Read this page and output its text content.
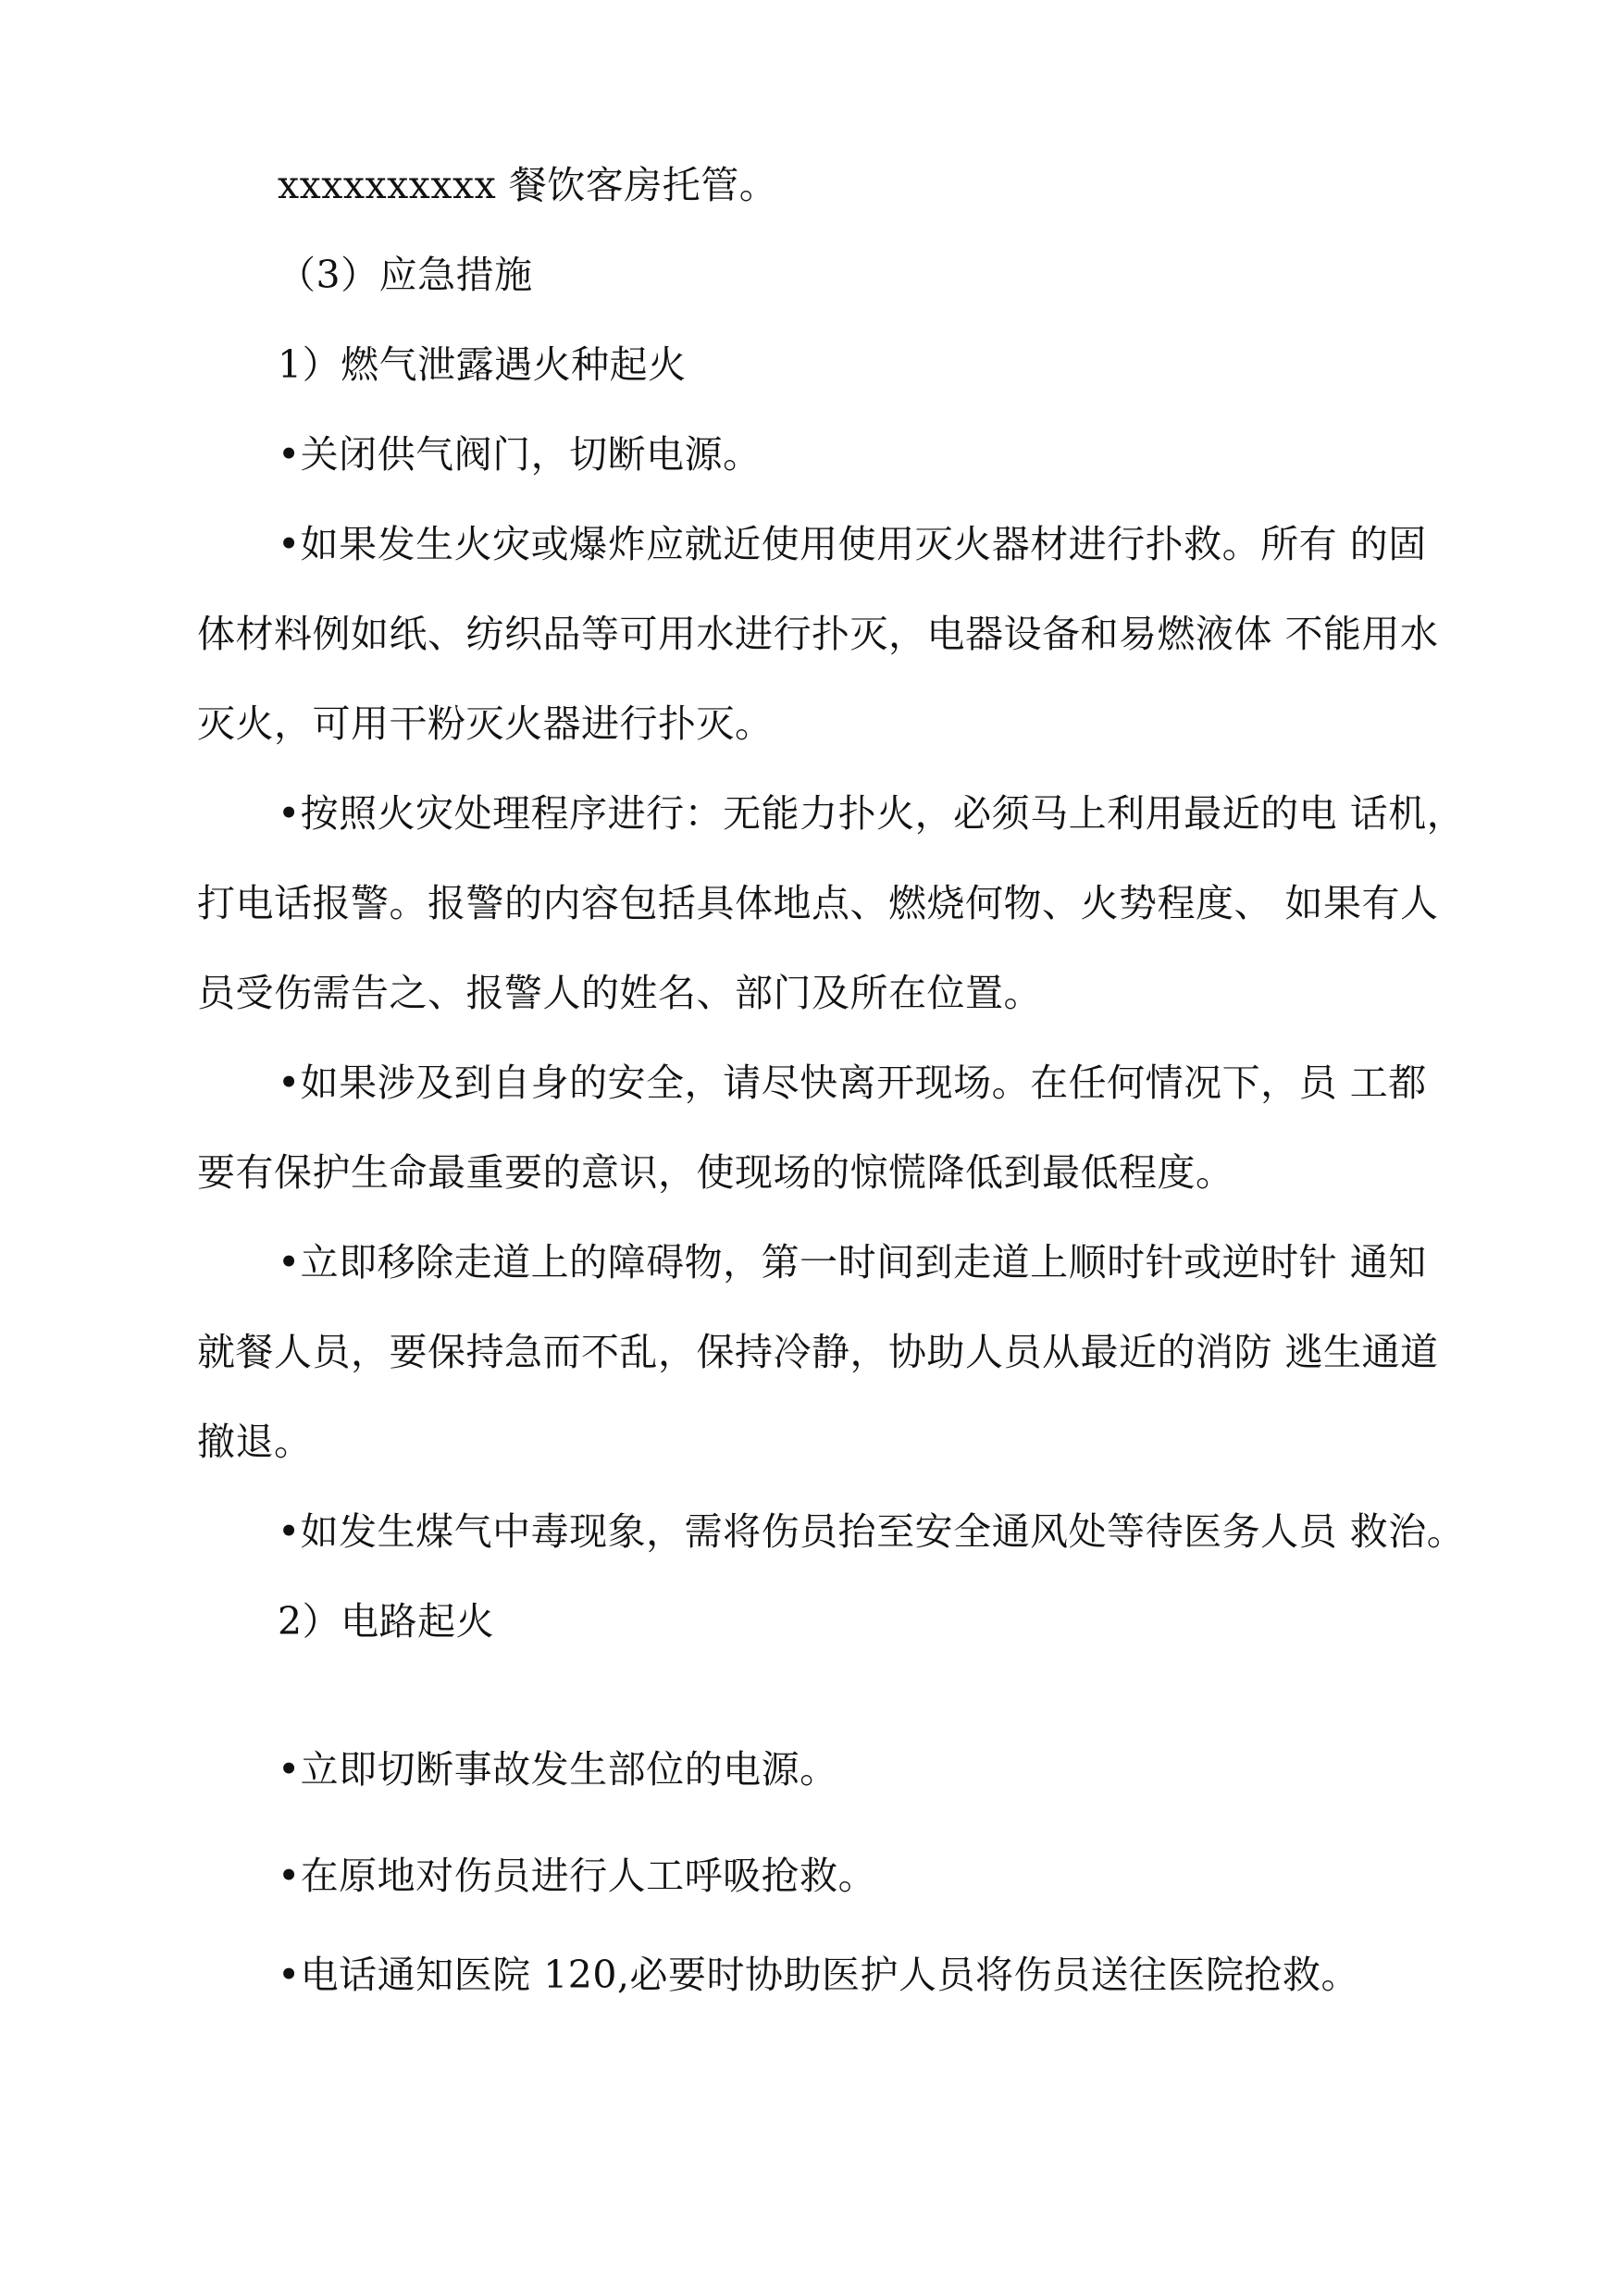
xxxxxxxxxx 餐饮客房托管。
（3）应急措施
1）燃气泄露遇火种起火
•关闭供气阀门，切断电源。
•如果发生火灾或爆炸应就近使用使用灭火器材进行扑救。所有 的固
体材料例如纸、纺织品等可用水进行扑灭，电器设备和易燃液体 不能用水
灭火，可用干粉灭火器进行扑灭。
•按照火灾处理程序进行：无能力扑火，必须马上利用最近的电 话机，
打电话报警。报警的内容包括具体地点、燃烧何物、火势程度、 如果有人
员受伤需告之、报警人的姓名、部门及所在位置。
•如果涉及到自身的安全，请尽快离开现场。在任何情况下，员 工都
要有保护生命最重要的意识，使现场的惊慌降低到最低程度。
•立即移除走道上的障碍物，第一时间到走道上顺时针或逆时针 通知
就餐人员，要保持急而不乱，保持冷静，协助人员从最近的消防 逃生通道
撤退。
•如发生煤气中毒现象，需将伤员抬至安全通风处等待医务人员 救治。
2）电路起火
•立即切断事故发生部位的电源。
•在原地对伤员进行人工呼吸抢救。
•电话通知医院 120,必要时协助医护人员将伤员送往医院抢救。
